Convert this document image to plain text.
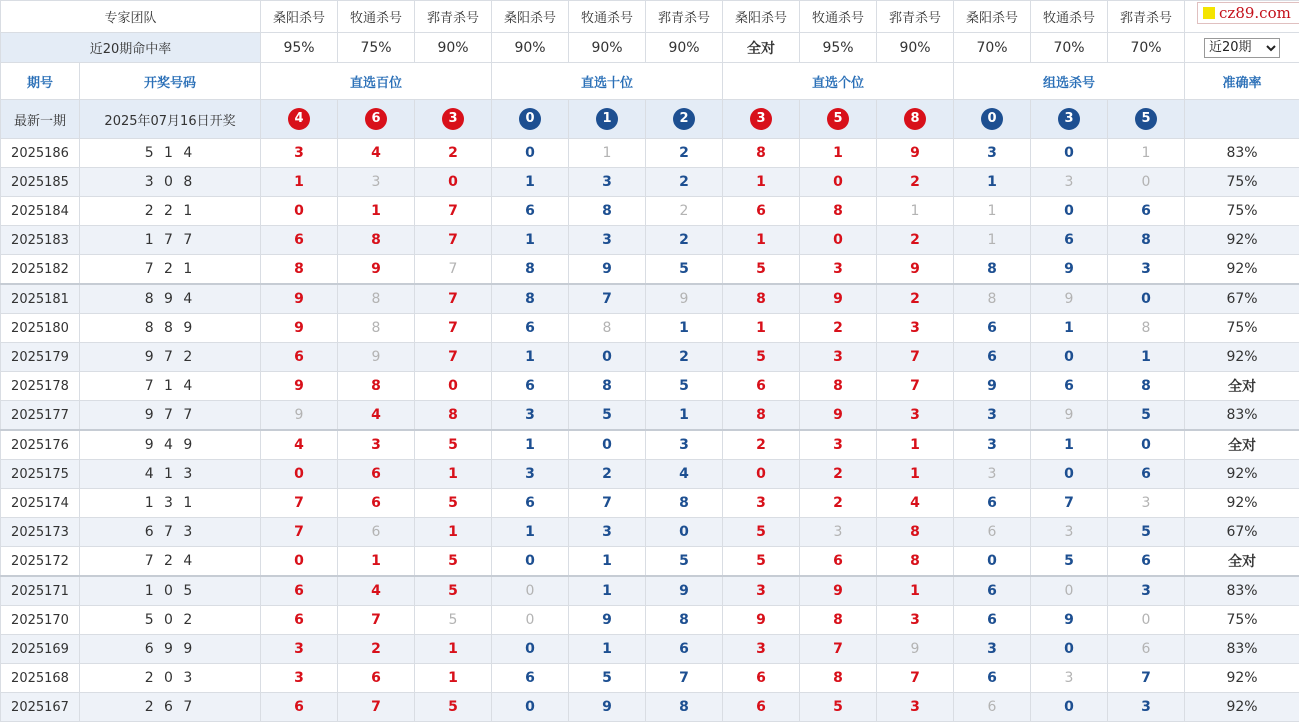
专家团队		桑阳杀号	牧通杀号	郛青杀号	桑阳杀号	牧通杀号	郛青杀号	桑阳杀号	牧通杀号	郛青杀号	桑阳杀号	牧通杀号	郛青杀号	cz89.com

近20期命中率		95%	75%	90%	90%	90%	90%	全对	95%	90%	70%	70%	70%	
近20期
期号	开奖号码	直选百位			直选十位			直选个位			组选杀号			准确率
最新一期	2025年07月16日开奖	4	6	3	0	1	2	3	5	8	0	3	5	
2025186	5 1 4	3	4	2	0	1	2	8	1	9	3	0	1	83%
2025185	3 0 8	1	3	0	1	3	2	1	0	2	1	3	0	75%
2025184	2 2 1	0	1	7	6	8	2	6	8	1	1	0	6	75%
2025183	1 7 7	6	8	7	1	3	2	1	0	2	1	6	8	92%
2025182	7 2 1	8	9	7	8	9	5	5	3	9	8	9	3	92%
2025181	8 9 4	9	8	7	8	7	9	8	9	2	8	9	0	67%
2025180	8 8 9	9	8	7	6	8	1	1	2	3	6	1	8	75%
2025179	9 7 2	6	9	7	1	0	2	5	3	7	6	0	1	92%
2025178	7 1 4	9	8	0	6	8	5	6	8	7	9	6	8	全对
2025177	9 7 7	9	4	8	3	5	1	8	9	3	3	9	5	83%
2025176	9 4 9	4	3	5	1	0	3	2	3	1	3	1	0	全对
2025175	4 1 3	0	6	1	3	2	4	0	2	1	3	0	6	92%
2025174	1 3 1	7	6	5	6	7	8	3	2	4	6	7	3	92%
2025173	6 7 3	7	6	1	1	3	0	5	3	8	6	3	5	67%
2025172	7 2 4	0	1	5	0	1	5	5	6	8	0	5	6	全对
2025171	1 0 5	6	4	5	0	1	9	3	9	1	6	0	3	83%
2025170	5 0 2	6	7	5	0	9	8	9	8	3	6	9	0	75%
2025169	6 9 9	3	2	1	0	1	6	3	7	9	3	0	6	83%
2025168	2 0 3	3	6	1	6	5	7	6	8	7	6	3	7	92%
2025167	2 6 7	6	7	5	0	9	8	6	5	3	6	0	3	92%
